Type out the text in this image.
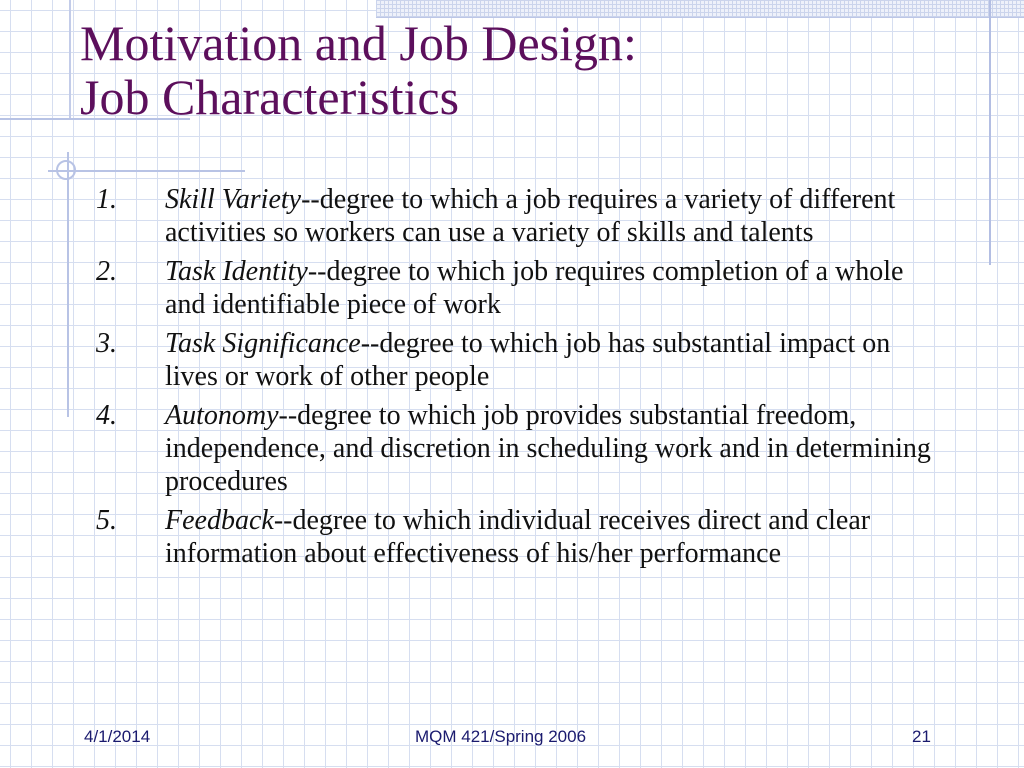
Motivation and Job Design:
Job Characteristics
1.	Skill Variety--degree to which a job requires a variety of different activities so workers can use a variety of skills and talents
2.	Task Identity--degree to which job requires completion of a whole and identifiable piece of work
3.	Task Significance--degree to which job has substantial impact on lives or work of other people
4.	Autonomy--degree to which job provides substantial freedom, independence, and discretion in scheduling work and in determining procedures
5.	Feedback--degree to which individual receives direct and clear information about effectiveness of his/her performance
4/1/2014	MQM 421/Spring 2006	21
